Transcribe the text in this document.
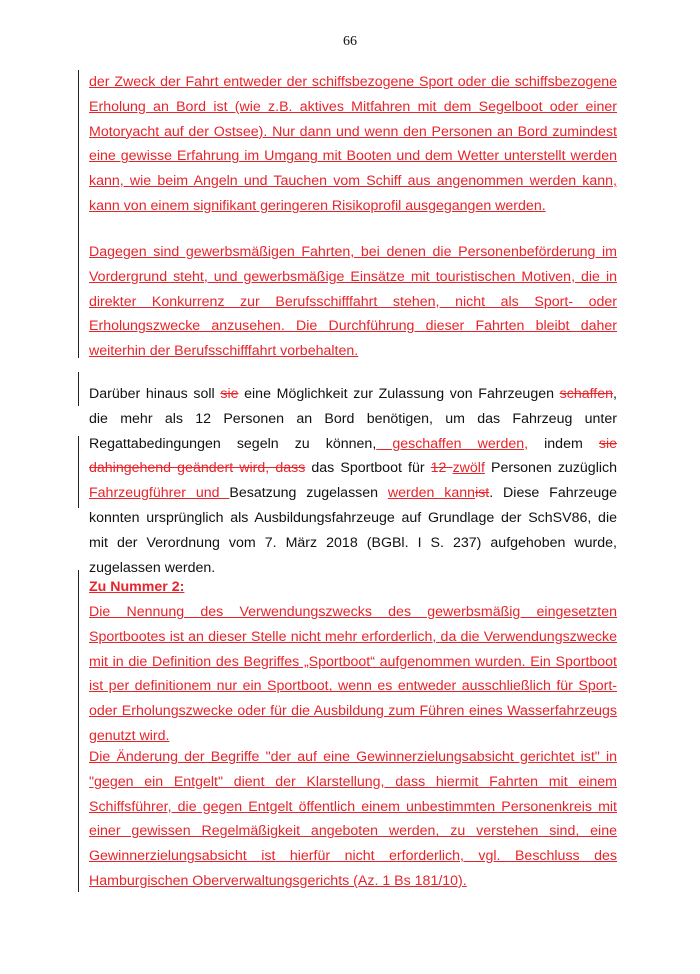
66

der Zweck der Fahrt entweder der schiffsbezogene Sport oder die schiffsbezogene Erholung an Bord ist (wie z.B. aktives Mitfahren mit dem Segelboot oder einer Motoryacht auf der Ostsee). Nur dann und wenn den Personen an Bord zumindest eine gewisse Erfahrung im Umgang mit Booten und dem Wetter unterstellt werden kann, wie beim Angeln und Tauchen vom Schiff aus angenommen werden kann, kann von einem signifikant geringeren Risikoprofil ausgegangen werden.

Dagegen sind gewerbsmäßigen Fahrten, bei denen die Personenbeförderung im Vordergrund steht, und gewerbsmäßige Einsätze mit touristischen Motiven, die in direkter Konkurrenz zur Berufsschifffahrt stehen, nicht als Sport- oder Erholungszwecke anzusehen. Die Durchführung dieser Fahrten bleibt daher weiterhin der Berufsschifffahrt vorbehalten.

Darüber hinaus soll sie eine Möglichkeit zur Zulassung von Fahrzeugen schaffen, die mehr als 12 Personen an Bord benötigen, um das Fahrzeug unter Regattabedingungen segeln zu können, geschaffen werden, indem sie dahingehend geändert wird, dass das Sportboot für 12 zwölf Personen zuzüglich Fahrzeugführer und Besatzung zugelassen werden kannist. Diese Fahrzeuge konnten ursprünglich als Ausbildungsfahrzeuge auf Grundlage der SchSV86, die mit der Verordnung vom 7. März 2018 (BGBl. I S. 237) aufgehoben wurde, zugelassen werden.

Zu Nummer 2:

Die Nennung des Verwendungszwecks des gewerbsmäßig eingesetzten Sportbootes ist an dieser Stelle nicht mehr erforderlich, da die Verwendungszwecke mit in die Definition des Begriffes „Sportboot“ aufgenommen wurden. Ein Sportboot ist per definitionem nur ein Sportboot, wenn es entweder ausschließlich für Sport- oder Erholungszwecke oder für die Ausbildung zum Führen eines Wasserfahrzeugs genutzt wird.

Die Änderung der Begriffe "der auf eine Gewinnerzielungsabsicht gerichtet ist" in "gegen ein Entgelt" dient der Klarstellung, dass hiermit Fahrten mit einem Schiffsführer, die gegen Entgelt öffentlich einem unbestimmten Personenkreis mit einer gewissen Regelmäßigkeit angeboten werden, zu verstehen sind, eine Gewinnerzielungsabsicht ist hierfür nicht erforderlich, vgl. Beschluss des Hamburgischen Oberverwaltungsgerichts (Az. 1 Bs 181/10).
